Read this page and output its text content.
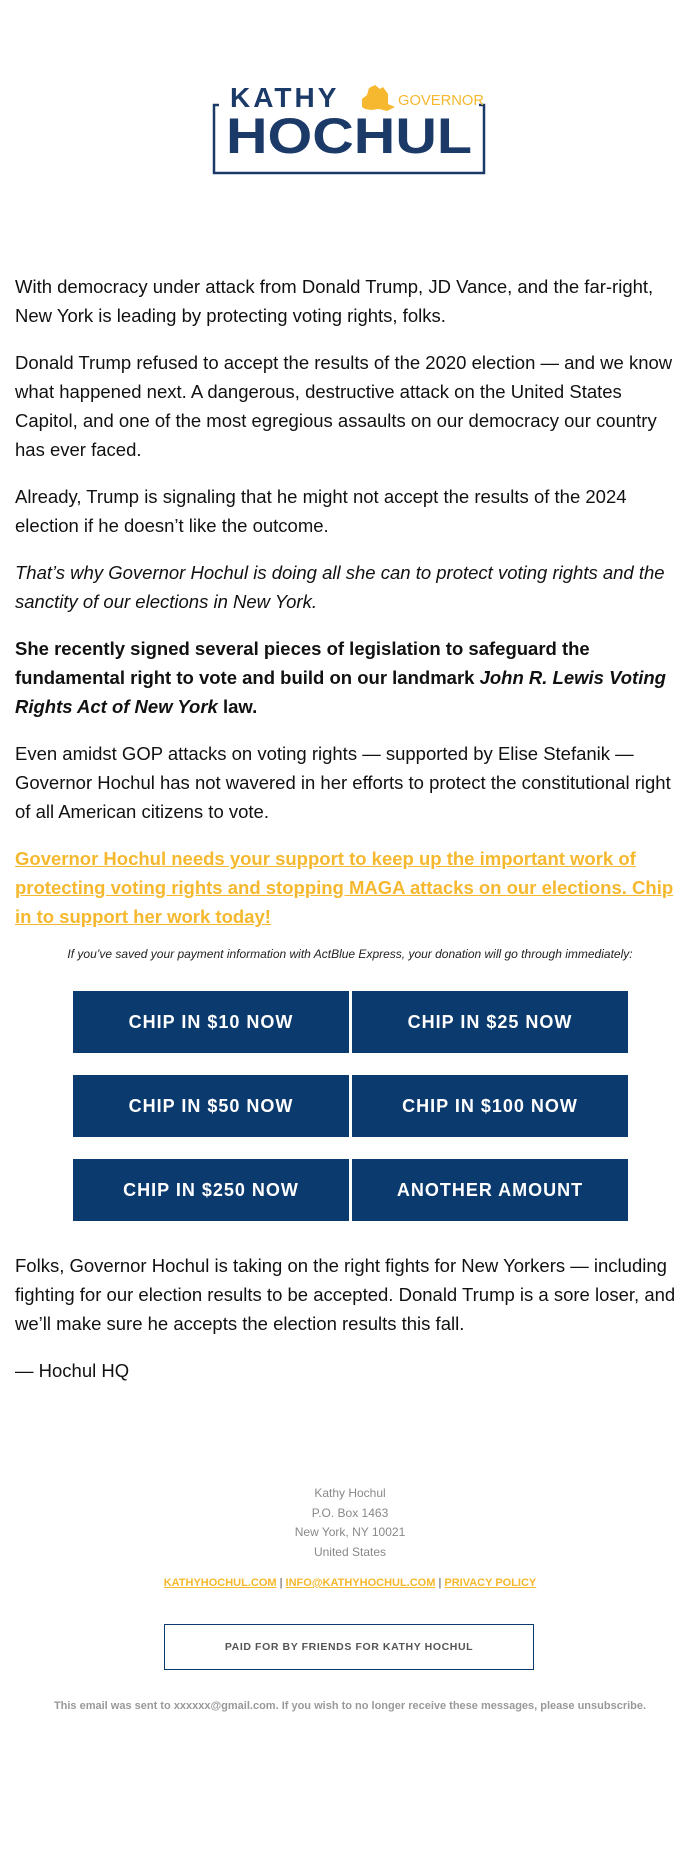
KATHY	GOVERNOR
HOCHUL

With democracy under attack from Donald Trump, JD Vance, and the far-right, New York is leading by protecting voting rights, folks.

Donald Trump refused to accept the results of the 2020 election — and we know what happened next. A dangerous, destructive attack on the United States Capitol, and one of the most egregious assaults on our democracy our country has ever faced.

Already, Trump is signaling that he might not accept the results of the 2024 election if he doesn’t like the outcome.

That’s why Governor Hochul is doing all she can to protect voting rights and the sanctity of our elections in New York.

She recently signed several pieces of legislation to safeguard the fundamental right to vote and build on our landmark John R. Lewis Voting Rights Act of New York law.

Even amidst GOP attacks on voting rights — supported by Elise Stefanik — Governor Hochul has not wavered in her efforts to protect the constitutional right of all American citizens to vote.

Governor Hochul needs your support to keep up the important work of protecting voting rights and stopping MAGA attacks on our elections. Chip in to support her work today!

If you’ve saved your payment information with ActBlue Express, your donation will go through immediately:
CHIP IN $10 NOW	CHIP IN $25 NOW
CHIP IN $50 NOW	CHIP IN $100 NOW
CHIP IN $250 NOW	ANOTHER AMOUNT

Folks, Governor Hochul is taking on the right fights for New Yorkers — including fighting for our election results to be accepted. Donald Trump is a sore loser, and we’ll make sure he accepts the election results this fall.

— Hochul HQ

Kathy Hochul
P.O. Box 1463
New York, NY 10021
United States
KATHYHOCHUL.COM | INFO@KATHYHOCHUL.COM | PRIVACY POLICY
PAID FOR BY FRIENDS FOR KATHY HOCHUL
This email was sent to xxxxxx@gmail.com. If you wish to no longer receive these messages, please unsubscribe.
